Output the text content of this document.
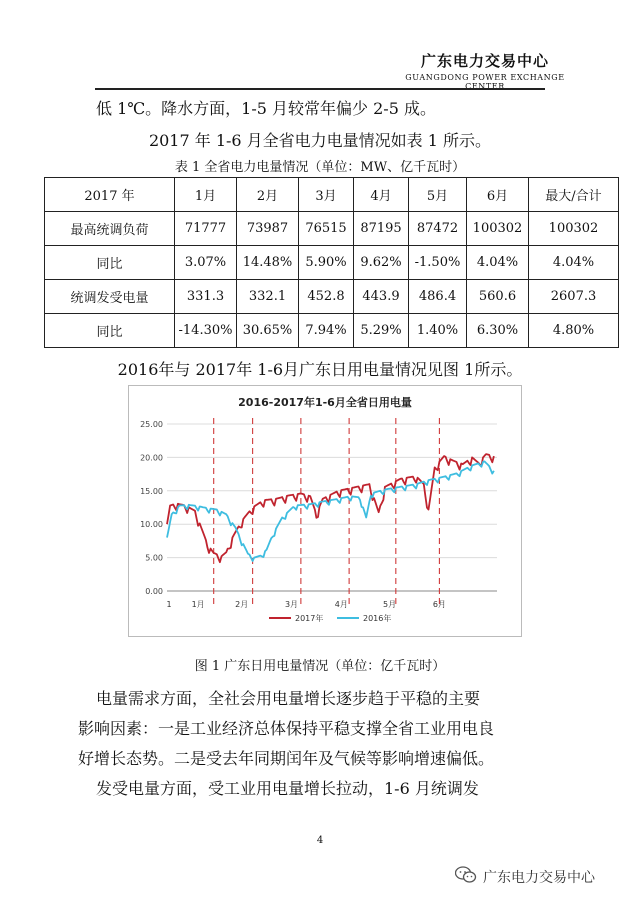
广东电力交易中心
GUANGDONG POWER EXCHANGE CENTER
低 1℃。降水方面，1-5 月较常年偏少 2-5 成。
2017 年 1-6 月全省电力电量情况如表 1 所示。
表 1 全省电力电量情况（单位：MW、亿千瓦时）
2017 年	1月	2月	3月	4月	5月	6月	最大/合计
最高统调负荷	71777	73987	76515	87195	87472	100302	100302
同比	3.07%	14.48%	5.90%	9.62%	-1.50%	4.04%	4.04%
统调发受电量	331.3	332.1	452.8	443.9	486.4	560.6	2607.3
同比	-14.30%	30.65%	7.94%	5.29%	1.40%	6.30%	4.80%
2016年与 2017年 1-6月广东日用电量情况见图 1所示。
2016-2017年1-6月全省日用电量
0.00
5.00
10.00
15.00
20.00
25.00
1	1月	2月	3月	4月	5月	6月
2017年	2016年
图 1 广东日用电量情况（单位：亿千瓦时）
电量需求方面，全社会用电量增长逐步趋于平稳的主要
影响因素：一是工业经济总体保持平稳支撑全省工业用电良
好增长态势。二是受去年同期闰年及气候等影响增速偏低。
发受电量方面，受工业用电量增长拉动，1-6 月统调发
4
广东电力交易中心
